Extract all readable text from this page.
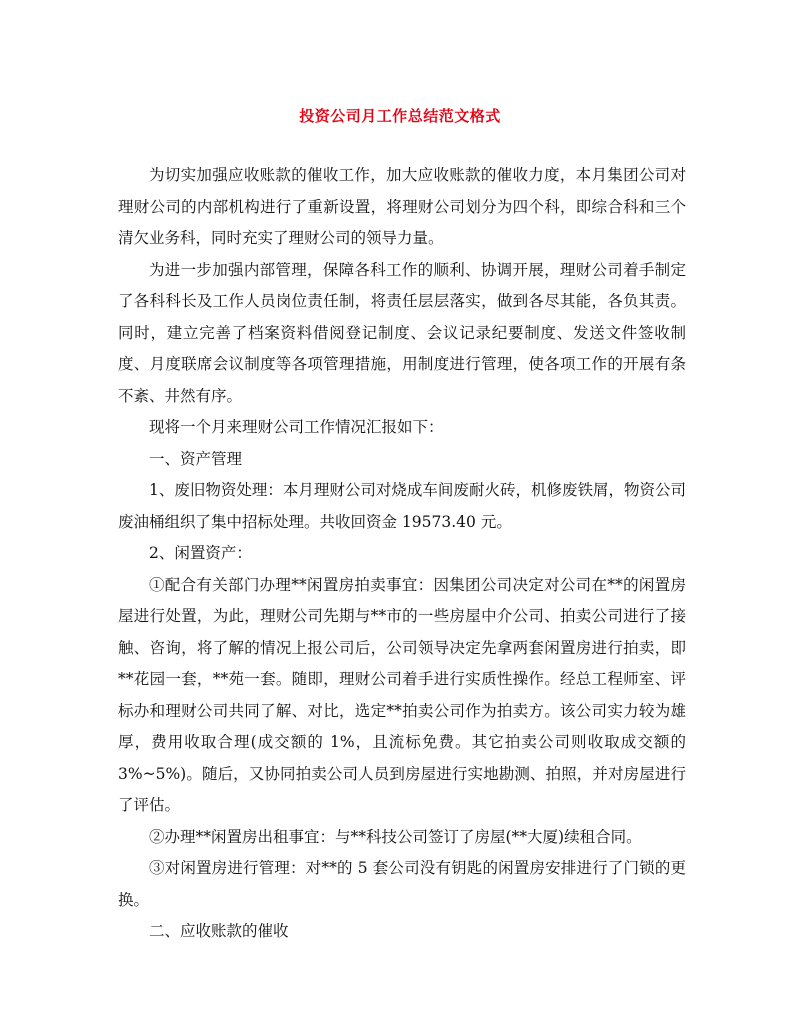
投资公司月工作总结范文格式

为切实加强应收账款的催收工作，加大应收账款的催收力度，本月集团公司对理财公司的内部机构进行了重新设置，将理财公司划分为四个科，即综合科和三个清欠业务科，同时充实了理财公司的领导力量。

为进一步加强内部管理，保障各科工作的顺利、协调开展，理财公司着手制定了各科科长及工作人员岗位责任制，将责任层层落实，做到各尽其能，各负其责。同时，建立完善了档案资料借阅登记制度、会议记录纪要制度、发送文件签收制度、月度联席会议制度等各项管理措施，用制度进行管理，使各项工作的开展有条不紊、井然有序。

现将一个月来理财公司工作情况汇报如下：

一、资产管理

1、废旧物资处理：本月理财公司对烧成车间废耐火砖，机修废铁屑，物资公司废油桶组织了集中招标处理。共收回资金 19573.40 元。

2、闲置资产：

①配合有关部门办理**闲置房拍卖事宜：因集团公司决定对公司在**的闲置房屋进行处置，为此，理财公司先期与**市的一些房屋中介公司、拍卖公司进行了接触、咨询，将了解的情况上报公司后，公司领导决定先拿两套闲置房进行拍卖，即**花园一套，**苑一套。随即，理财公司着手进行实质性操作。经总工程师室、评标办和理财公司共同了解、对比，选定**拍卖公司作为拍卖方。该公司实力较为雄厚，费用收取合理(成交额的 1%，且流标免费。其它拍卖公司则收取成交额的 3%~5%)。随后，又协同拍卖公司人员到房屋进行实地勘测、拍照，并对房屋进行了评估。

②办理**闲置房出租事宜：与**科技公司签订了房屋(**大厦)续租合同。

③对闲置房进行管理：对**的 5 套公司没有钥匙的闲置房安排进行了门锁的更换。

二、应收账款的催收
